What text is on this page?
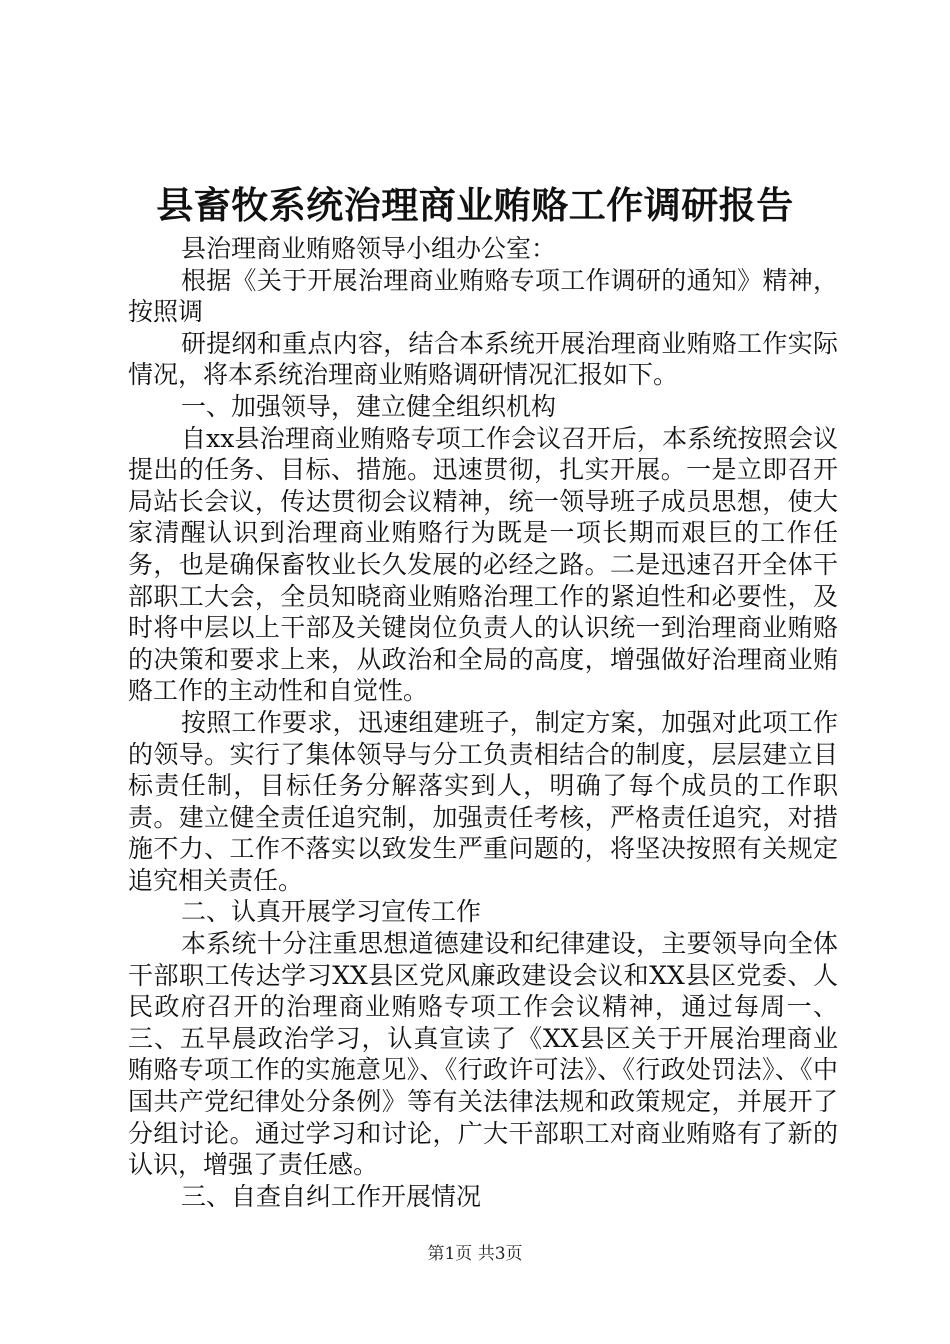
县畜牧系统治理商业贿赂工作调研报告

县治理商业贿赂领导小组办公室：

根据《关于开展治理商业贿赂专项工作调研的通知》精神，按照调

研提纲和重点内容，结合本系统开展治理商业贿赂工作实际情况，将本系统治理商业贿赂调研情况汇报如下。

一、加强领导，建立健全组织机构

自xx县治理商业贿赂专项工作会议召开后，本系统按照会议提出的任务、目标、措施。迅速贯彻，扎实开展。一是立即召开局站长会议，传达贯彻会议精神，统一领导班子成员思想，使大家清醒认识到治理商业贿赂行为既是一项长期而艰巨的工作任务，也是确保畜牧业长久发展的必经之路。二是迅速召开全体干部职工大会，全员知晓商业贿赂治理工作的紧迫性和必要性，及时将中层以上干部及关键岗位负责人的认识统一到治理商业贿赂的决策和要求上来，从政治和全局的高度，增强做好治理商业贿赂工作的主动性和自觉性。

按照工作要求，迅速组建班子，制定方案，加强对此项工作的领导。实行了集体领导与分工负责相结合的制度，层层建立目标责任制，目标任务分解落实到人，明确了每个成员的工作职责。建立健全责任追究制，加强责任考核，严格责任追究，对措施不力、工作不落实以致发生严重问题的，将坚决按照有关规定追究相关责任。

二、认真开展学习宣传工作

本系统十分注重思想道德建设和纪律建设，主要领导向全体干部职工传达学习XX县区党风廉政建设会议和XX县区党委、人民政府召开的治理商业贿赂专项工作会议精神，通过每周一、三、五早晨政治学习，认真宣读了《XX县区关于开展治理商业贿赂专项工作的实施意见》、《行政许可法》、《行政处罚法》、《中国共产党纪律处分条例》等有关法律法规和政策规定，并展开了分组讨论。通过学习和讨论，广大干部职工对商业贿赂有了新的认识，增强了责任感。

三、自查自纠工作开展情况

第1页 共3页
